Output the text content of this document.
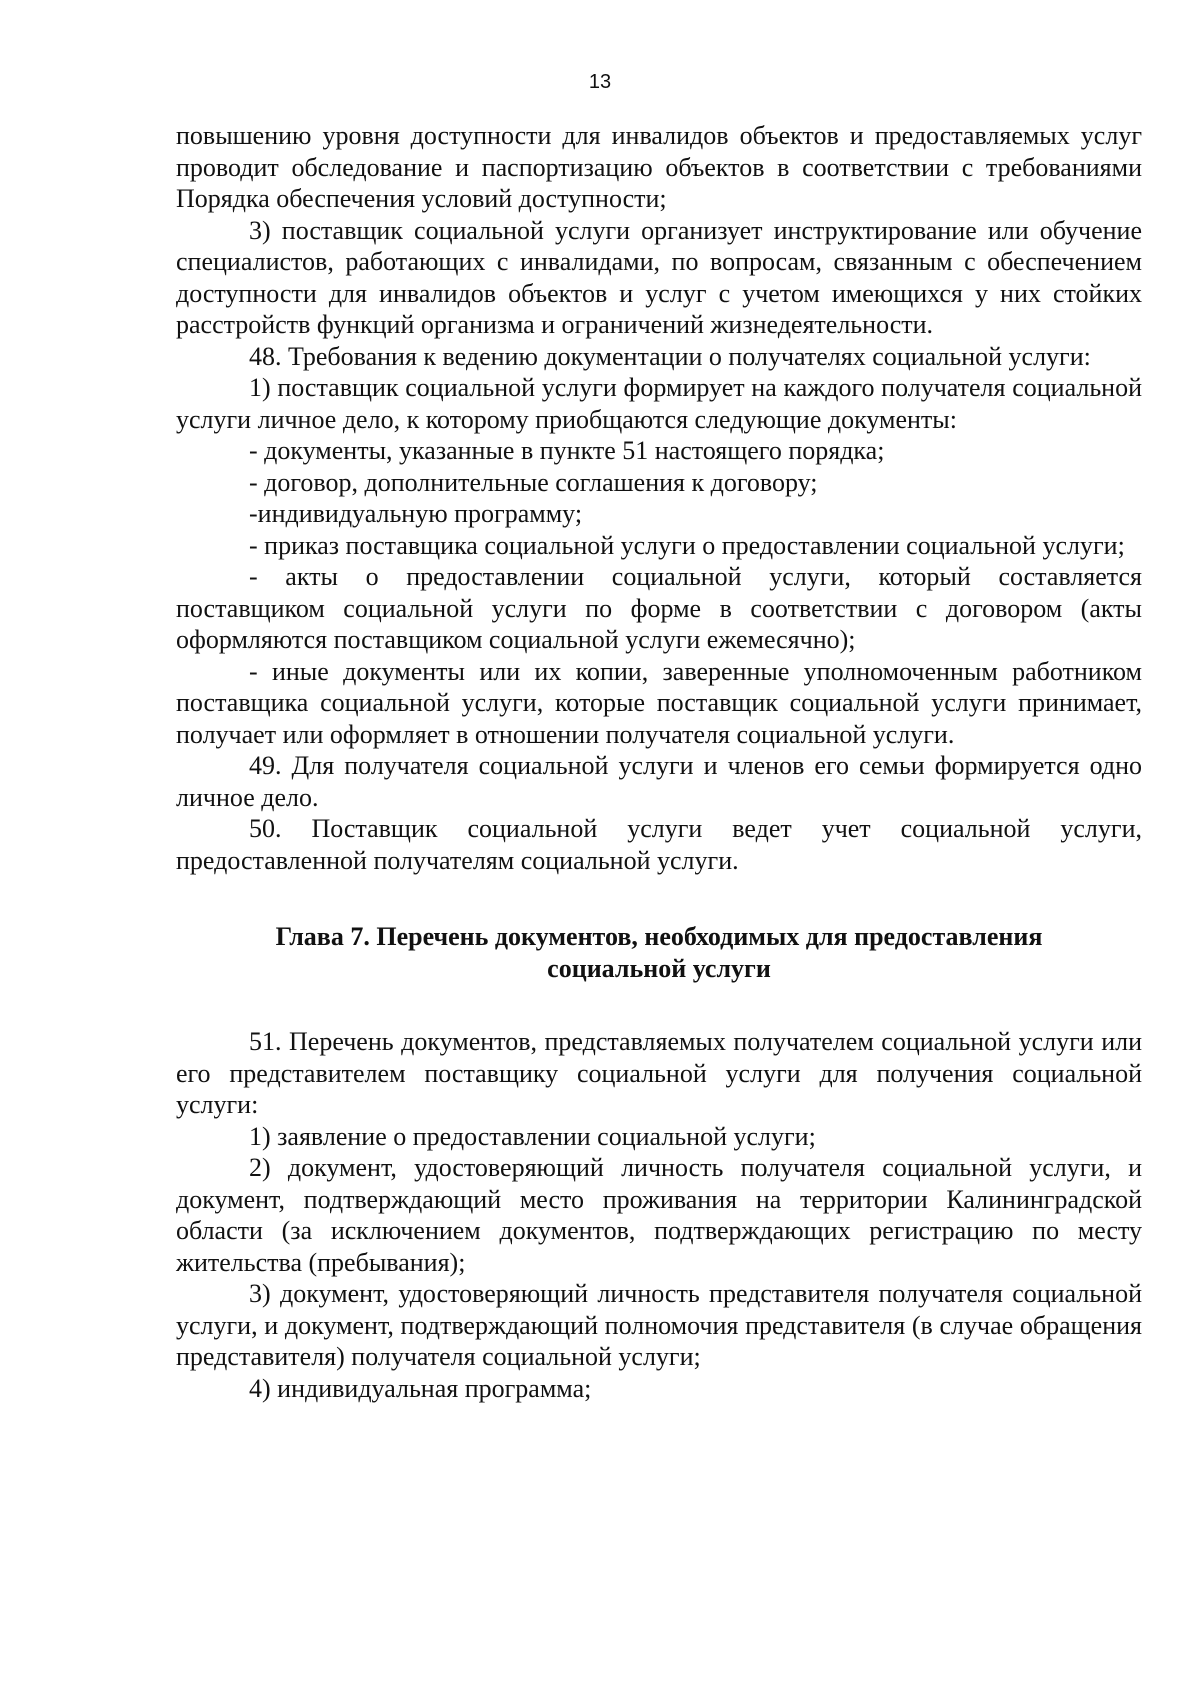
13

повышению уровня доступности для инвалидов объектов и предоставляемых услуг проводит обследование и паспортизацию объектов в соответствии с требованиями Порядка обеспечения условий доступности;

3) поставщик социальной услуги организует инструктирование или обучение специалистов, работающих с инвалидами, по вопросам, связанным с обеспечением доступности для инвалидов объектов и услуг с учетом имеющихся у них стойких расстройств функций организма и ограничений жизнедеятельности.

48. Требования к ведению документации о получателях социальной услуги:

1) поставщик социальной услуги формирует на каждого получателя социальной услуги личное дело, к которому приобщаются следующие документы:

- документы, указанные в пункте 51 настоящего порядка;

- договор, дополнительные соглашения к договору;

-индивидуальную программу;

- приказ поставщика социальной услуги о предоставлении социальной услуги;

- акты о предоставлении социальной услуги, который составляется поставщиком социальной услуги по форме в соответствии с договором (акты оформляются поставщиком социальной услуги ежемесячно);

- иные документы или их копии, заверенные уполномоченным работником поставщика социальной услуги, которые поставщик социальной услуги принимает, получает или оформляет в отношении получателя социальной услуги.

49. Для получателя социальной услуги и членов его семьи формируется одно личное дело.

50. Поставщик социальной услуги ведет учет социальной услуги, предоставленной получателям социальной услуги.

Глава 7. Перечень документов, необходимых для предоставления
социальной услуги

51. Перечень документов, представляемых получателем социальной услуги или его представителем поставщику социальной услуги для получения социальной услуги:

1) заявление о предоставлении социальной услуги;

2) документ, удостоверяющий личность получателя социальной услуги, и документ, подтверждающий место проживания на территории Калининградской области (за исключением документов, подтверждающих регистрацию по месту жительства (пребывания);

3) документ, удостоверяющий личность представителя получателя социальной услуги, и документ, подтверждающий полномочия представителя (в случае обращения представителя) получателя социальной услуги;

4) индивидуальная программа;
